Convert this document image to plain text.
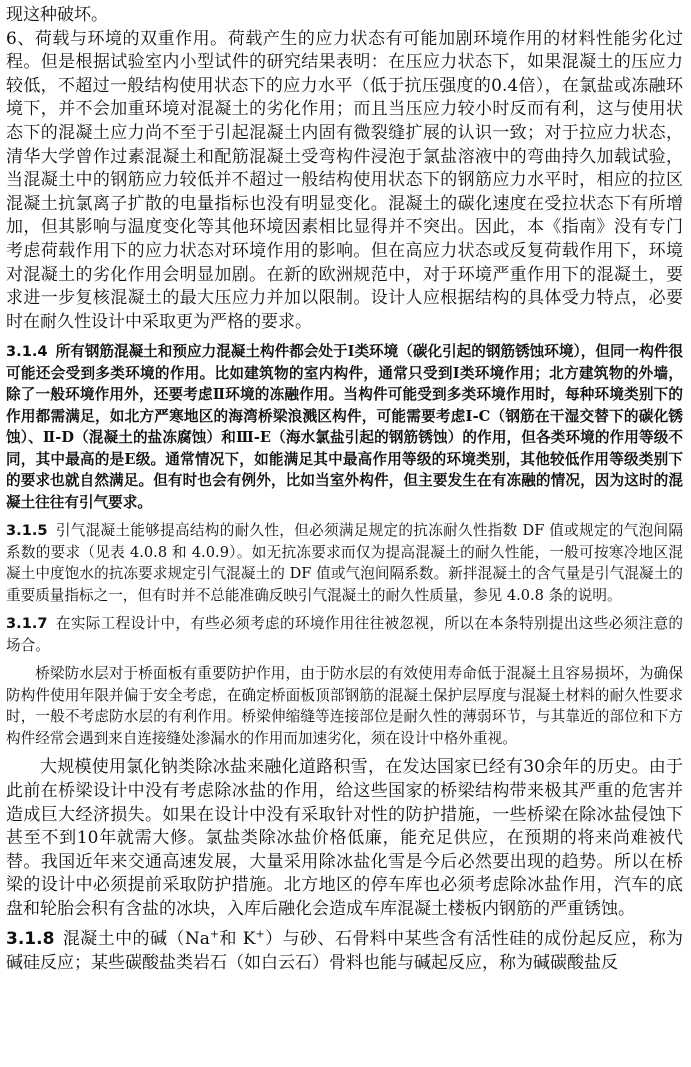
现这种破坏。

6、荷载与环境的双重作用。荷载产生的应力状态有可能加剧环境作用的材料性能劣化过程。但是根据试验室内小型试件的研究结果表明：在压应力状态下，如果混凝土的压应力较低，不超过一般结构使用状态下的应力水平（低于抗压强度的0.4倍），在氯盐或冻融环境下，并不会加重环境对混凝土的劣化作用；而且当压应力较小时反而有利，这与使用状态下的混凝土应力尚不至于引起混凝土内固有微裂缝扩展的认识一致；对于拉应力状态，清华大学曾作过素混凝土和配筋混凝土受弯构件浸泡于氯盐溶液中的弯曲持久加载试验，当混凝土中的钢筋应力较低并不超过一般结构使用状态下的钢筋应力水平时，相应的拉区混凝土抗氯离子扩散的电量指标也没有明显变化。混凝土的碳化速度在受拉状态下有所增加，但其影响与温度变化等其他环境因素相比显得并不突出。因此，本《指南》没有专门考虑荷载作用下的应力状态对环境作用的影响。但在高应力状态或反复荷载作用下，环境对混凝土的劣化作用会明显加剧。在新的欧洲规范中，对于环境严重作用下的混凝土，要求进一步复核混凝土的最大压应力并加以限制。设计人应根据结构的具体受力特点，必要时在耐久性设计中采取更为严格的要求。

3.1.4 所有钢筋混凝土和预应力混凝土构件都会处于Ⅰ类环境（碳化引起的钢筋锈蚀环境），但同一构件很可能还会受到多类环境的作用。比如建筑物的室内构件，通常只受到Ⅰ类环境作用；北方建筑物的外墙，除了一般环境作用外，还要考虑Ⅱ环境的冻融作用。当构件可能受到多类环境作用时，每种环境类别下的作用都需满足，如北方严寒地区的海湾桥梁浪溅区构件，可能需要考虑Ⅰ-C（钢筋在干湿交替下的碳化锈蚀）、Ⅱ-D（混凝土的盐冻腐蚀）和Ⅲ-E（海水氯盐引起的钢筋锈蚀）的作用，但各类环境的作用等级不同，其中最高的是E级。通常情况下，如能满足其中最高作用等级的环境类别，其他较低作用等级类别下的要求也就自然满足。但有时也会有例外，比如当室外构件，但主要发生在有冻融的情况，因为这时的混凝土往往有引气要求。

3.1.5 引气混凝土能够提高结构的耐久性，但必须满足规定的抗冻耐久性指数 DF 值或规定的气泡间隔系数的要求（见表 4.0.8 和 4.0.9）。如无抗冻要求而仅为提高混凝土的耐久性能，一般可按寒冷地区混凝土中度饱水的抗冻要求规定引气混凝土的 DF 值或气泡间隔系数。新拌混凝土的含气量是引气混凝土的重要质量指标之一，但有时并不总能准确反映引气混凝土的耐久性质量，参见 4.0.8 条的说明。

3.1.7 在实际工程设计中，有些必须考虑的环境作用往往被忽视，所以在本条特别提出这些必须注意的场合。

桥梁防水层对于桥面板有重要防护作用，由于防水层的有效使用寿命低于混凝土且容易损坏，为确保防构件使用年限并偏于安全考虑，在确定桥面板顶部钢筋的混凝土保护层厚度与混凝土材料的耐久性要求时，一般不考虑防水层的有利作用。桥梁伸缩缝等连接部位是耐久性的薄弱环节，与其靠近的部位和下方构件经常会遇到来自连接缝处渗漏水的作用而加速劣化，须在设计中格外重视。

大规模使用氯化钠类除冰盐来融化道路积雪，在发达国家已经有30余年的历史。由于此前在桥梁设计中没有考虑除冰盐的作用，给这些国家的桥梁结构带来极其严重的危害并造成巨大经济损失。如果在设计中没有采取针对性的防护措施，一些桥梁在除冰盐侵蚀下甚至不到10年就需大修。氯盐类除冰盐价格低廉，能充足供应，在预期的将来尚难被代替。我国近年来交通高速发展，大量采用除冰盐化雪是今后必然要出现的趋势。所以在桥梁的设计中必须提前采取防护措施。北方地区的停车库也必须考虑除冰盐作用，汽车的底盘和轮胎会积有含盐的冰块，入库后融化会造成车库混凝土楼板内钢筋的严重锈蚀。

3.1.8 混凝土中的碱（Na+和 K+）与砂、石骨料中某些含有活性硅的成份起反应，称为碱硅反应；某些碳酸盐类岩石（如白云石）骨料也能与碱起反应，称为碱碳酸盐反
